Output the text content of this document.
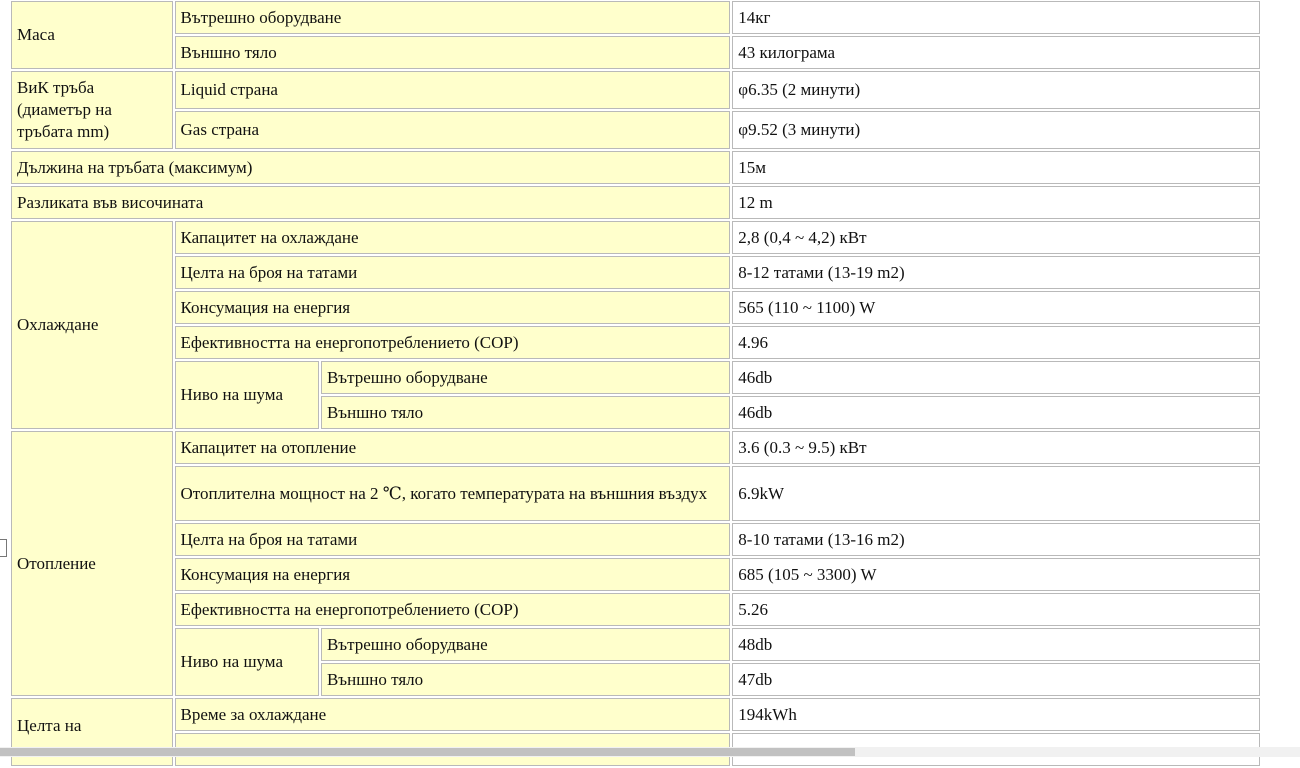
Маса	Вътрешно оборудване		14кг
	Външно тяло		43 килограма
ВиК тръба (диаметър на тръбата mm)	Liquid страна		φ6.35 (2 минути)
	Gas страна		φ9.52 (3 минути)
Дължина на тръбата (максимум)			15м
Разликата във височината			12 m
Охлаждане	Капацитет на охлаждане		2,8 (0,4 ~ 4,2) кВт
	Целта на броя на татами		8-12 татами (13-19 m2)
	Консумация на енергия		565 (110 ~ 1100) W
	Ефективността на енергопотреблението (COP)		4.96
	Ниво на шума	Вътрешно оборудване	46db
		Външно тяло	46db
Отопление	Капацитет на отопление		3.6 (0.3 ~ 9.5) кВт
	Отоплителна мощност на 2 ℃, когато температурата на външния въздух		6.9kW
	Целта на броя на татами		8-10 татами (13-16 m2)
	Консумация на енергия		685 (105 ~ 3300) W
	Ефективността на енергопотреблението (COP)		5.26
	Ниво на шума	Вътрешно оборудване	48db
		Външно тяло	47db
Целта на	Време за охлаждане		194kWh
